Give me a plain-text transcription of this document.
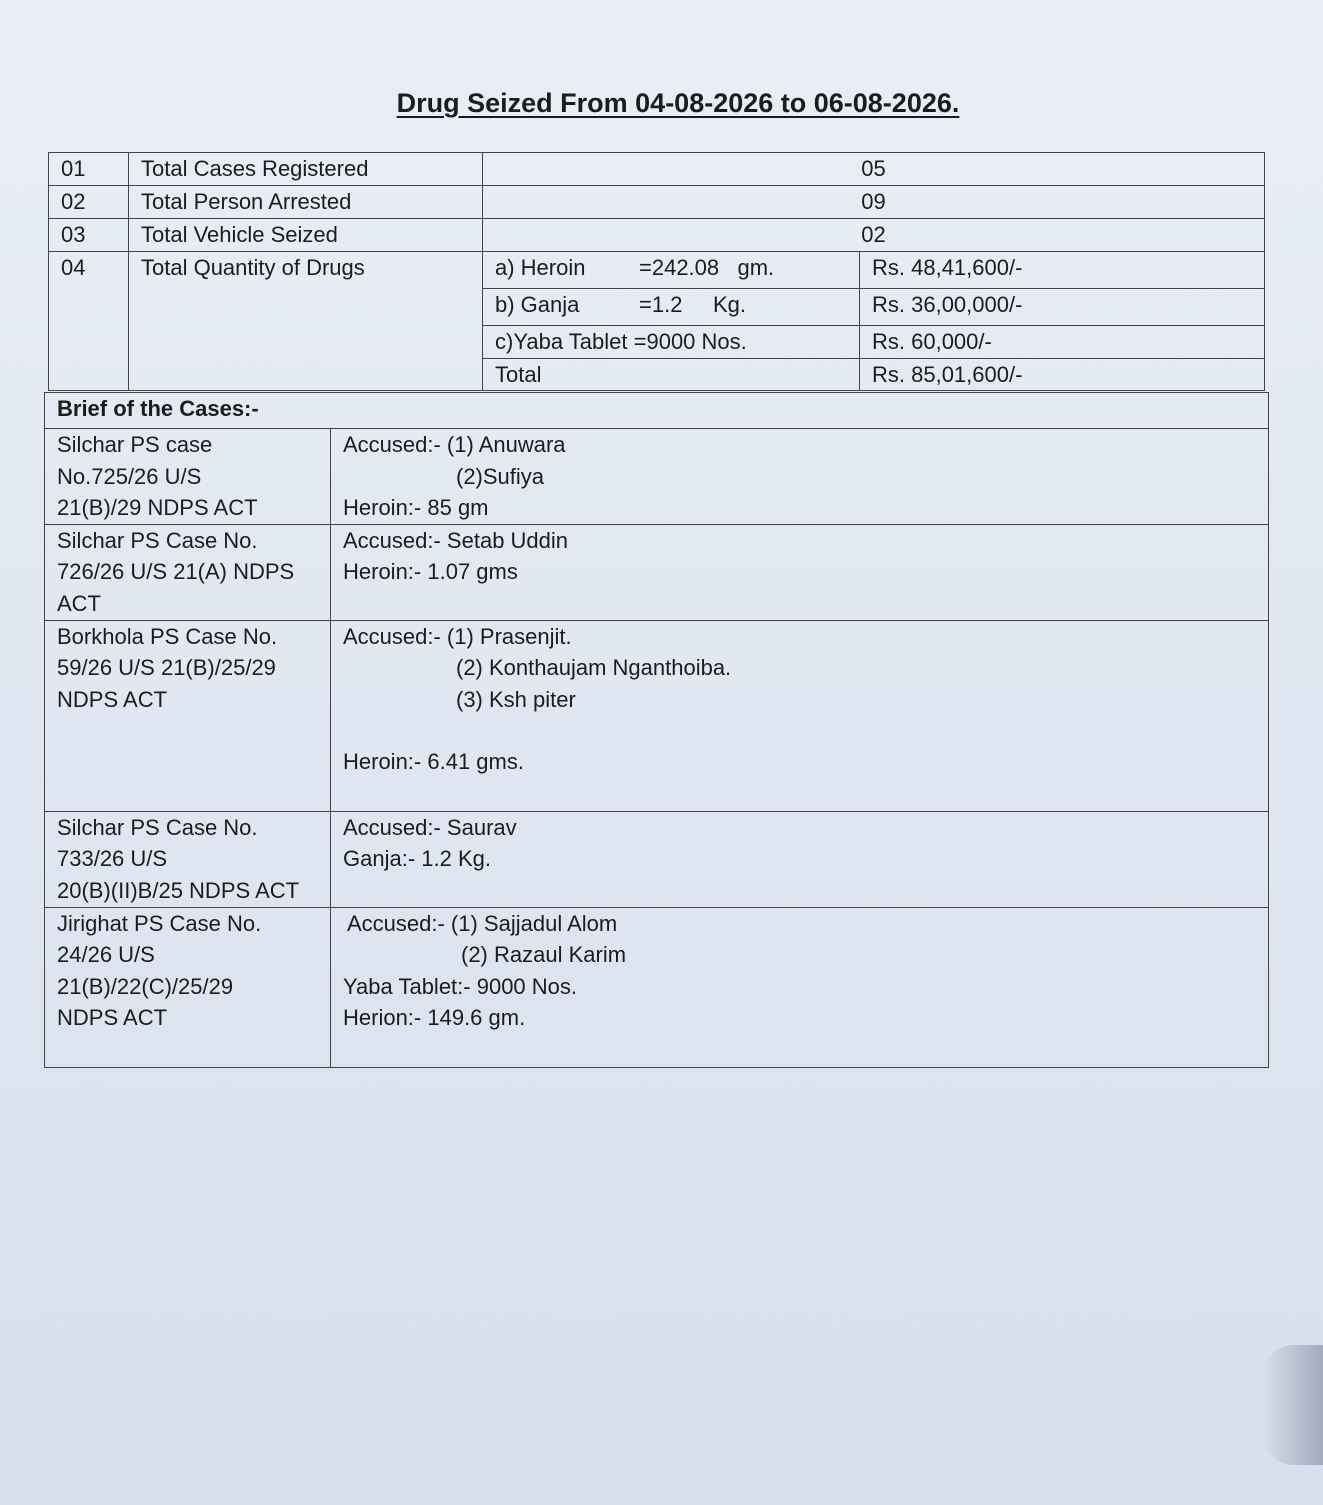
Drug Seized From 04-08-2026 to 06-08-2026.
01	Total Cases Registered	05	
02	Total Person Arrested	09	
03	Total Vehicle Seized	02	
04	Total Quantity of Drugs	a) Heroin =242.08   gm.	Rs. 48,41,600/-
		b) Ganja =1.2     Kg.	Rs. 36,00,000/-
		c)Yaba Tablet =9000 Nos.	Rs. 60,000/-
		Total	Rs. 85,01,600/-
Brief of the Cases:-	

Silchar PS case
No.725/26 U/S
21(B)/29 NDPS ACT	Accused:- (1) Anuwara
(2)Sufiya
Heroin:- 85 gm

Silchar PS Case No.
726/26 U/S 21(A) NDPS
ACT	Accused:- Setab Uddin
Heroin:- 1.07 gms

Borkhola PS Case No.
59/26 U/S 21(B)/25/29
NDPS ACT	Accused:- (1) Prasenjit.
(2) Konthaujam Nganthoiba.
(3) Ksh piter
Heroin:- 6.41 gms.

Silchar PS Case No.
733/26 U/S
20(B)(II)B/25 NDPS ACT	Accused:- Saurav
Ganja:- 1.2 Kg.

Jirighat PS Case No.
24/26 U/S
21(B)/22(C)/25/29
NDPS ACT	Accused:- (1) Sajjadul Alom
(2) Razaul Karim
Yaba Tablet:- 9000 Nos.
Herion:- 149.6 gm.
